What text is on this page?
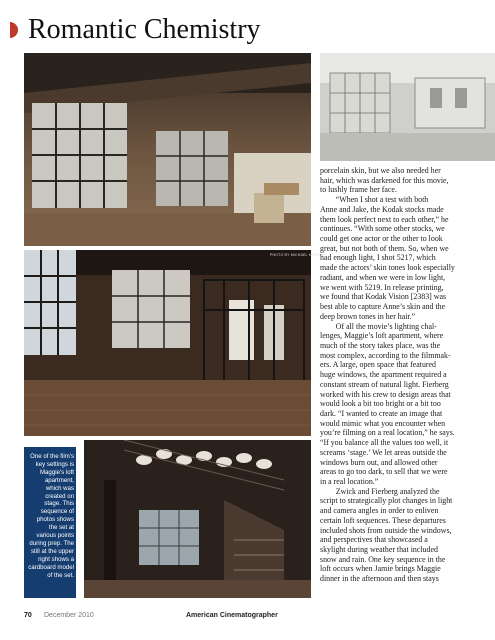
Romantic Chemistry
PHOTO BY MICHAEL KREMER
One of the film's
key settings is
Maggie's loft
apartment,
which was
created on
stage. This
sequence of
photos shows
the set at
various points
during prep. The
still at the upper
right shows a
cardboard model
of the set.

porcelain skin, but we also needed her

hair, which was darkened for this movie,

to lushly frame her face.

“When I shot a test with both

Anne and Jake, the Kodak stocks made

them look perfect next to each other,” he

continues. “With some other stocks, we

could get one actor or the other to look

great, but not both of them. So, when we

had enough light, I shot 5217, which

made the actors’ skin tones look especially

radiant, and when we were in low light,

we went with 5219. In release printing,

we found that Kodak Vision [2383] was

best able to capture Anne’s skin and the

deep brown tones in her hair.”

Of all the movie’s lighting chal-

lenges, Maggie’s loft apartment, where

much of the story takes place, was the

most complex, according to the filmmak-

ers. A large, open space that featured

huge windows, the apartment required a

constant stream of natural light. Fierberg

worked with his crew to design areas that

would look a bit too bright or a bit too

dark. “I wanted to create an image that

would mimic what you encounter when

you’re filming on a real location,” he says.

“If you balance all the values too well, it

screams ‘stage.’ We let areas outside the

windows burn out, and allowed other

areas to go too dark, to sell that we were

in a real location.”

Zwick and Fierberg analyzed the

script to strategically plot changes in light

and camera angles in order to enliven

certain loft sequences. These departures

included shots from outside the windows,

and perspectives that showcased a

skylight during weather that included

snow and rain. One key sequence in the

loft occurs when Jamie brings Maggie

dinner in the afternoon and then stays

70 December 2010	American Cinematographer
